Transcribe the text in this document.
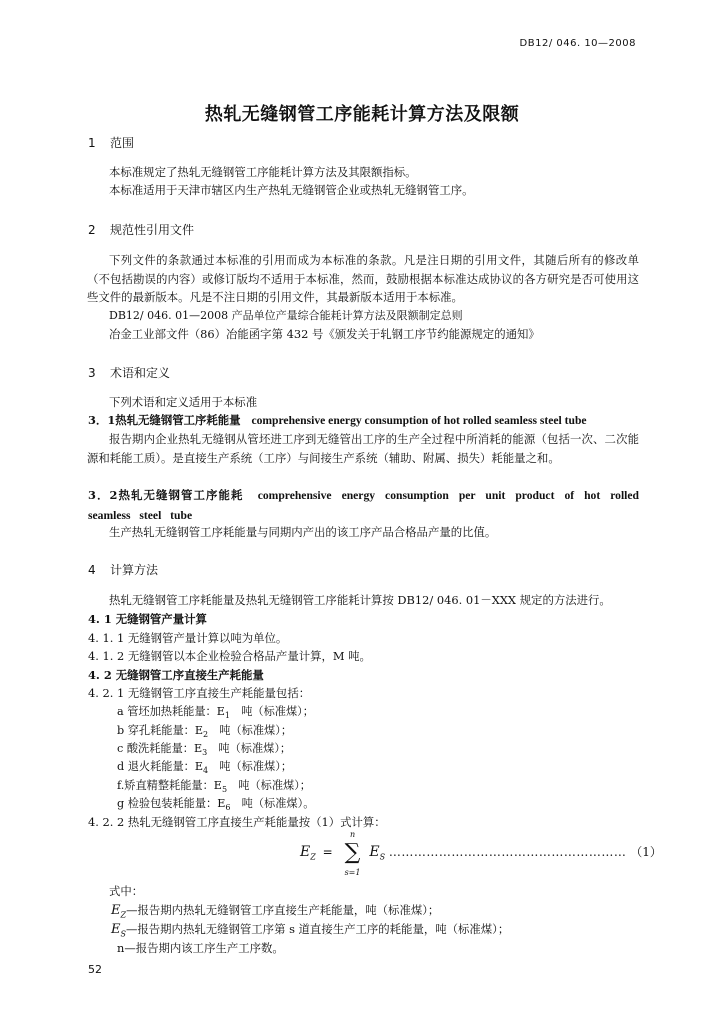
DB12/ 046. 10—2008
热轧无缝钢管工序能耗计算方法及限额
1 范围
本标准规定了热轧无缝钢管工序能耗计算方法及其限额指标。
本标准适用于天津市辖区内生产热轧无缝钢管企业或热轧无缝钢管工序。
2 规范性引用文件
下列文件的条款通过本标准的引用而成为本标准的条款。凡是注日期的引用文件，其随后所有的修改单（不包括勘误的内容）或修订版均不适用于本标准，然而，鼓励根据本标准达成协议的各方研究是否可使用这些文件的最新版本。凡是不注日期的引用文件，其最新版本适用于本标准。
DB12/ 046. 01—2008 产品单位产量综合能耗计算方法及限额制定总则
冶金工业部文件（86）冶能函字第 432 号《颁发关于轧钢工序节约能源规定的通知》
3 术语和定义
下列术语和定义适用于本标准
3．1热轧无缝钢管工序耗能量 comprehensive energy consumption of hot rolled seamless steel tube
报告期内企业热轧无缝钢从管坯进工序到无缝管出工序的生产全过程中所消耗的能源（包括一次、二次能源和耗能工质）。是直接生产系统（工序）与间接生产系统（辅助、附属、损失）耗能量之和。
3．2热轧无缝钢管工序能耗 comprehensive energy consumption per unit product of hot rolled seamless steel tube
生产热轧无缝钢管工序耗能量与同期内产出的该工序产品合格品产量的比值。
4 计算方法
热轧无缝钢管工序耗能量及热轧无缝钢管工序能耗计算按 DB12/ 046. 01－XXX 规定的方法进行。
4. 1 无缝钢管产量计算
4. 1. 1 无缝钢管产量计算以吨为单位。
4. 1. 2 无缝钢管以本企业检验合格品产量计算，M 吨。
4. 2 无缝钢管工序直接生产耗能量
4. 2. 1 无缝钢管工序直接生产耗能量包括：
a 管坯加热耗能量：$E_1$　吨（标准煤）；
b 穿孔耗能量：$E_2$　吨（标准煤）；
c 酸洗耗能量：$E_3$　吨（标准煤）；
d 退火耗能量：$E_4$　吨（标准煤）；
f.矫直精整耗能量：$E_5$　吨（标准煤）；
g 检验包装耗能量：$E_6$　吨（标准煤）。
4. 2. 2 热轧无缝钢管工序直接生产耗能量按（1）式计算：
$E_Z$ = ∑
n
s=1
$E_S$ ………………………………………………… （1）
式中：
$E_Z—$报告期内热轧无缝钢管工序直接生产耗能量，吨（标准煤）；
$E_S—$报告期内热轧无缝钢管工序第 s 道直接生产工序的耗能量，吨（标准煤）；
n—报告期内该工序生产工序数。
52
